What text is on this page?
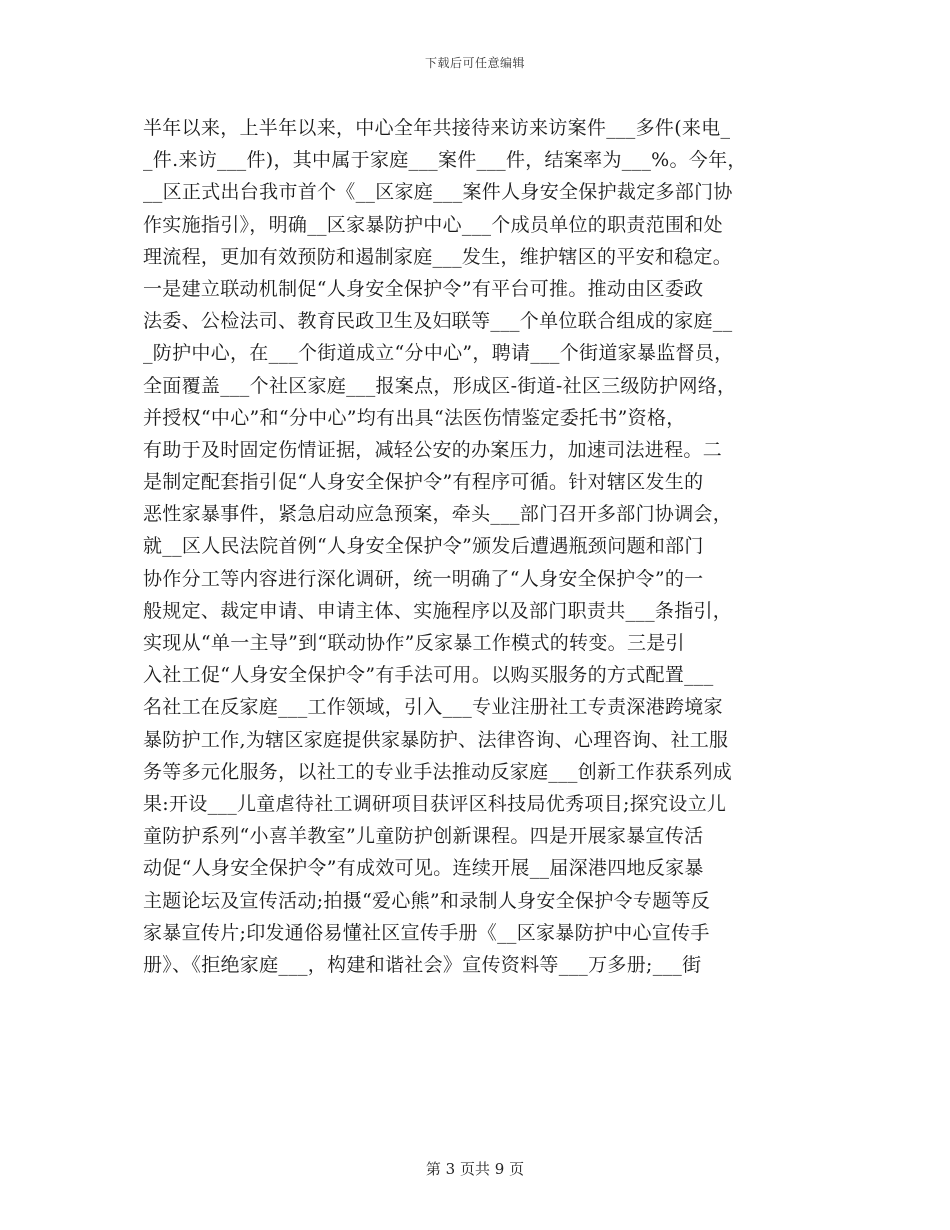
下载后可任意编辑
半年以来，上半年以来，中心全年共接待来访来访案件___多件(来电_
_件.来访___件)，其中属于家庭___案件___件，结案率为___%。今年，
__区正式出台我市首个《__区家庭___案件人身安全保护裁定多部门协
作实施指引》，明确__区家暴防护中心___个成员单位的职责范围和处
理流程，更加有效预防和遏制家庭___发生，维护辖区的平安和稳定。
一是建立联动机制促“人身安全保护令”有平台可推。推动由区委政
法委、公检法司、教育民政卫生及妇联等___个单位联合组成的家庭__
_防护中心，在___个街道成立“分中心”，聘请___个街道家暴监督员，
全面覆盖___个社区家庭___报案点，形成区-街道-社区三级防护网络，
并授权“中心”和“分中心”均有出具“法医伤情鉴定委托书”资格，
有助于及时固定伤情证据，减轻公安的办案压力，加速司法进程。二
是制定配套指引促“人身安全保护令”有程序可循。针对辖区发生的
恶性家暴事件，紧急启动应急预案，牵头___部门召开多部门协调会，
就__区人民法院首例“人身安全保护令”颁发后遭遇瓶颈问题和部门
协作分工等内容进行深化调研，统一明确了“人身安全保护令”的一
般规定、裁定申请、申请主体、实施程序以及部门职责共___条指引，
实现从“单一主导”到“联动协作”反家暴工作模式的转变。三是引
入社工促“人身安全保护令”有手法可用。以购买服务的方式配置___
名社工在反家庭___工作领域，引入___专业注册社工专责深港跨境家
暴防护工作,为辖区家庭提供家暴防护、法律咨询、心理咨询、社工服
务等多元化服务，以社工的专业手法推动反家庭___创新工作获系列成
果:开设___儿童虐待社工调研项目获评区科技局优秀项目;探究设立儿
童防护系列“小喜羊教室”儿童防护创新课程。四是开展家暴宣传活
动促“人身安全保护令”有成效可见。连续开展__届深港四地反家暴
主题论坛及宣传活动;拍摄“爱心熊”和录制人身安全保护令专题等反
家暴宣传片;印发通俗易懂社区宣传手册《__区家暴防护中心宣传手
册》、《拒绝家庭___，构建和谐社会》宣传资料等___万多册;___街
第 3 页共 9 页
